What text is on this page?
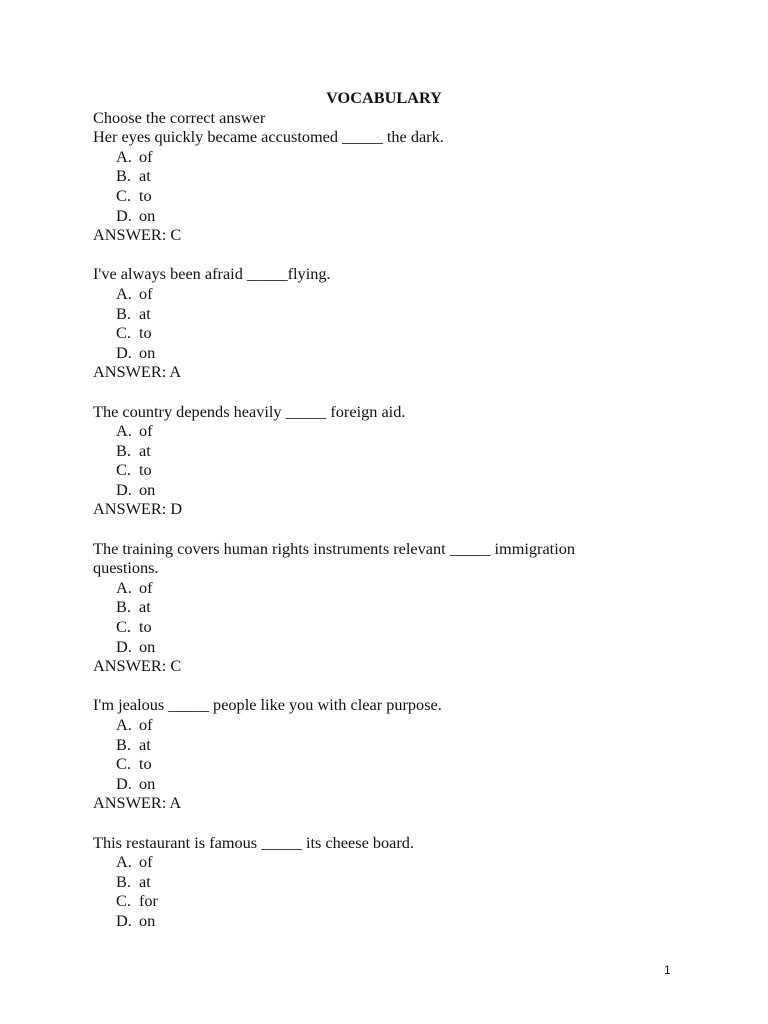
VOCABULARY
Choose the correct answer
Her eyes quickly became accustomed _____ the dark.
A. of
B. at
C. to
D. on
ANSWER: C
I've always been afraid _____flying.
A. of
B. at
C. to
D. on
ANSWER: A
The country depends heavily _____ foreign aid.
A. of
B. at
C. to
D. on
ANSWER: D
The training covers human rights instruments relevant _____ immigration questions.
A. of
B. at
C. to
D. on
ANSWER: C
I'm jealous _____ people like you with clear purpose.
A. of
B. at
C. to
D. on
ANSWER: A
This restaurant is famous _____ its cheese board.
A. of
B. at
C. for
D. on
1
